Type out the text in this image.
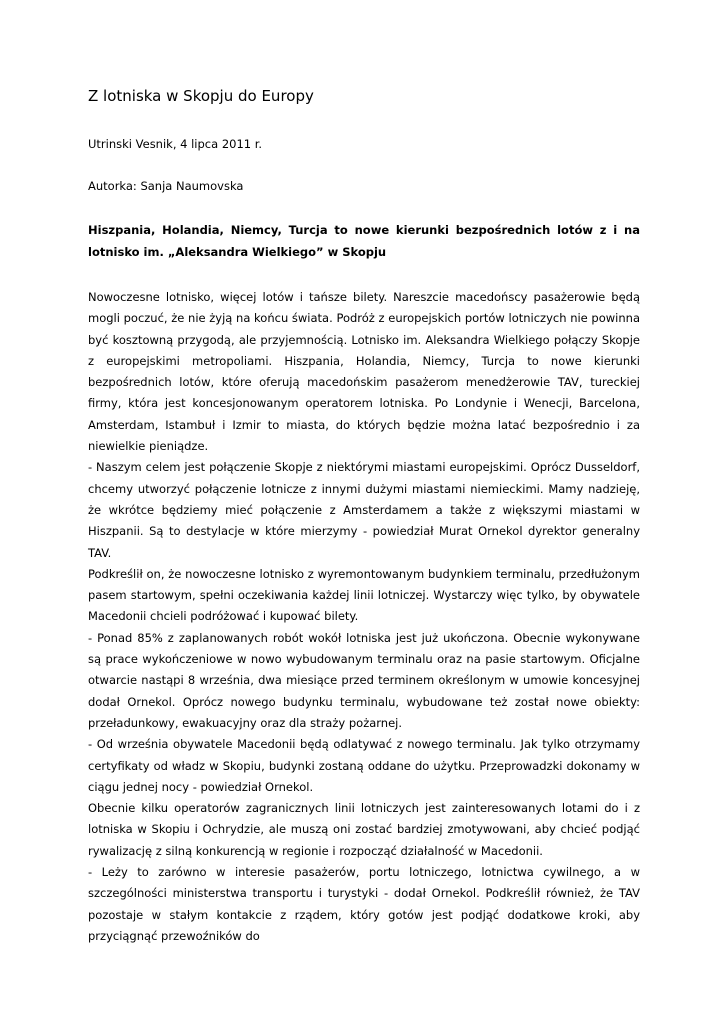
Z lotniska w Skopju do Europy
Utrinski Vesnik, 4 lipca 2011 r.
Autorka: Sanja Naumovska
Hiszpania, Holandia, Niemcy, Turcja to nowe kierunki bezpośrednich lotów z i na lotnisko im. „Aleksandra Wielkiego” w Skopju

Nowoczesne lotnisko, więcej lotów i tańsze bilety. Nareszcie macedońscy pasażerowie będą mogli poczuć, że nie żyją na końcu świata. Podróż z europejskich portów lotniczych nie powinna być kosztowną przygodą, ale przyjemnością. Lotnisko im. Aleksandra Wielkiego połączy Skopje z europejskimi metropoliami. Hiszpania, Holandia, Niemcy, Turcja to nowe kierunki bezpośrednich lotów, które oferują macedońskim pasażerom menedżerowie TAV, tureckiej firmy, która jest koncesjonowanym operatorem lotniska. Po Londynie i Wenecji, Barcelona, Amsterdam, Istambuł i Izmir to miasta, do których będzie można latać bezpośrednio i za niewielkie pieniądze.

- Naszym celem jest połączenie Skopje z niektórymi miastami europejskimi. Oprócz Dusseldorf, chcemy utworzyć połączenie lotnicze z innymi dużymi miastami niemieckimi. Mamy nadzieję, że wkrótce będziemy mieć połączenie z Amsterdamem a także z większymi miastami w Hiszpanii. Są to destylacje w które mierzymy - powiedział Murat Ornekol dyrektor generalny TAV.

Podkreślił on, że nowoczesne lotnisko z wyremontowanym budynkiem terminalu, przedłużonym pasem startowym, spełni oczekiwania każdej linii lotniczej. Wystarczy więc tylko, by obywatele Macedonii chcieli podróżować i kupować bilety.

- Ponad 85% z zaplanowanych robót wokół lotniska jest już ukończona. Obecnie wykonywane są prace wykończeniowe w nowo wybudowanym terminalu oraz na pasie startowym. Oficjalne otwarcie nastąpi 8 września, dwa miesiące przed terminem określonym w umowie koncesyjnej dodał Ornekol. Oprócz nowego budynku terminalu, wybudowane też został nowe obiekty: przeładunkowy, ewakuacyjny oraz dla straży pożarnej.

- Od września obywatele Macedonii będą odlatywać z nowego terminalu. Jak tylko otrzymamy certyfikaty od władz w Skopiu, budynki zostaną oddane do użytku. Przeprowadzki dokonamy w ciągu jednej nocy - powiedział Ornekol.

Obecnie kilku operatorów zagranicznych linii lotniczych jest zainteresowanych lotami do i z lotniska w Skopiu i Ochrydzie, ale muszą oni zostać bardziej zmotywowani, aby chcieć podjąć rywalizację z silną konkurencją w regionie i rozpocząć działalność w Macedonii.

- Leży to zarówno w interesie pasażerów, portu lotniczego, lotnictwa cywilnego, a w szczególności ministerstwa transportu i turystyki - dodał Ornekol. Podkreślił również, że TAV pozostaje w stałym kontakcie z rządem, który gotów jest podjąć dodatkowe kroki, aby przyciągnąć przewoźników do
